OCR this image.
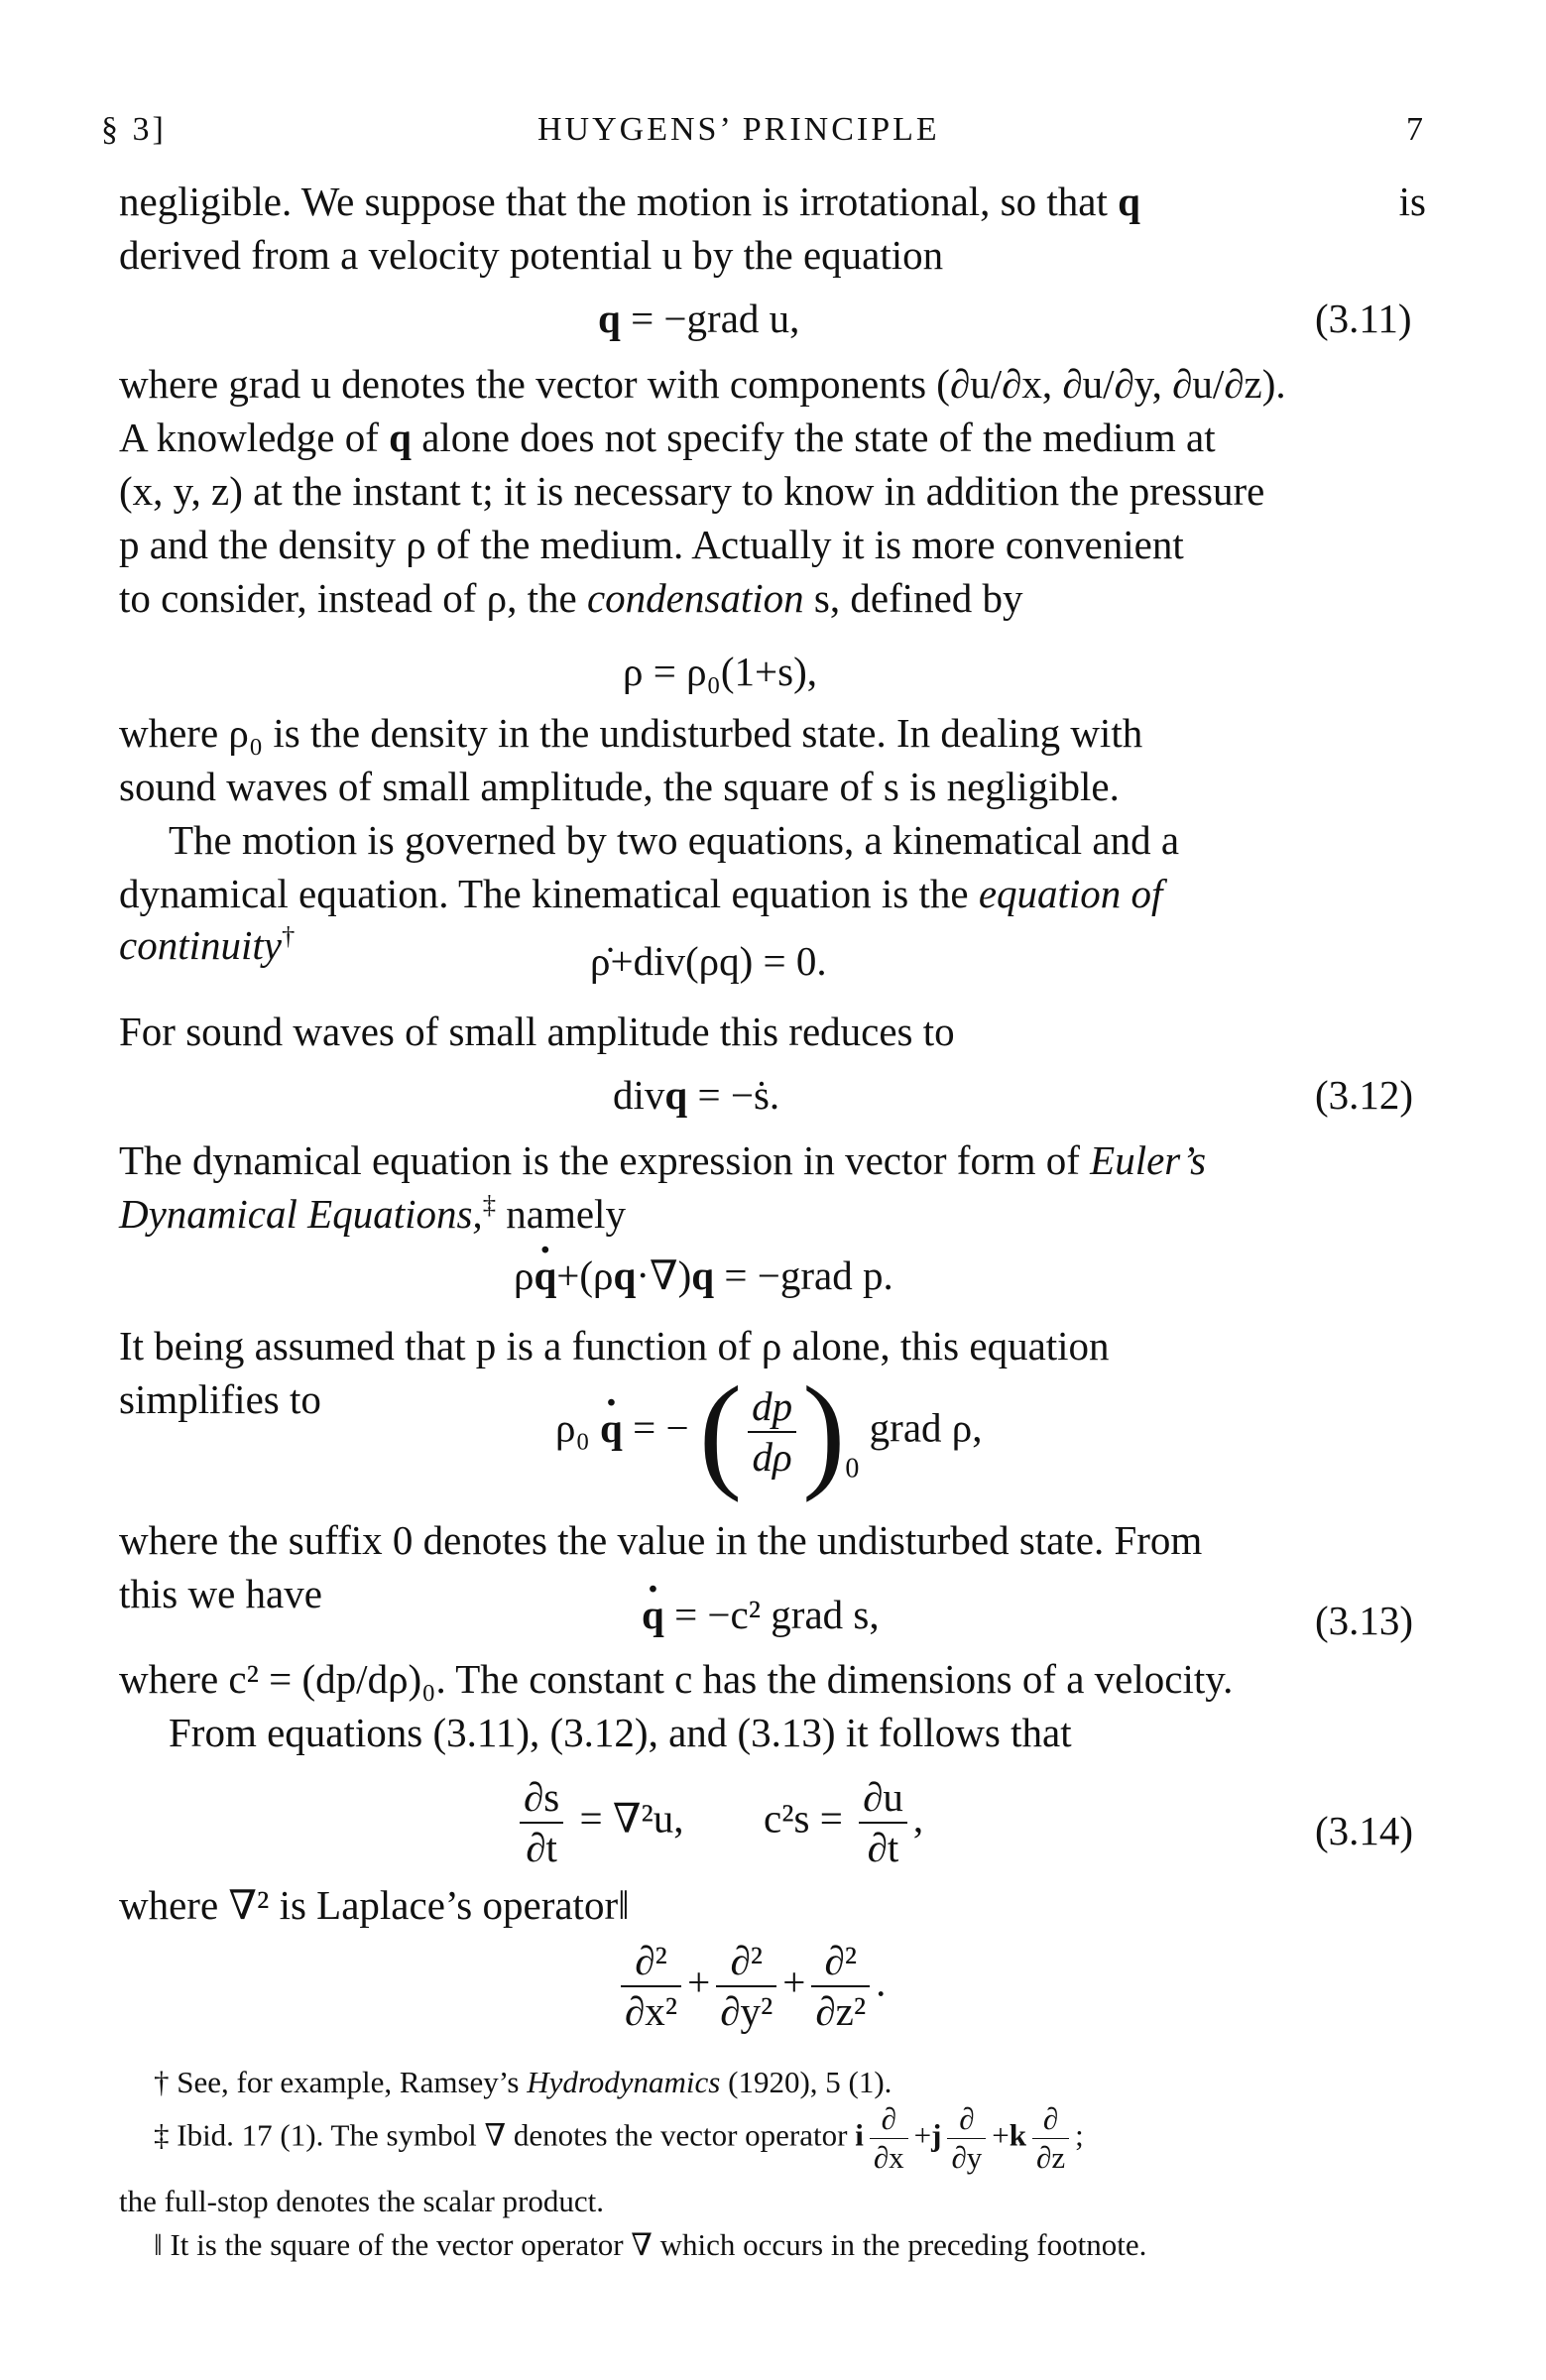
§ 3]	HUYGENS’ PRINCIPLE	7
negligible. We suppose that the motion is irrotational, so that q	is
derived from a velocity potential u by the equation
q = −grad u,	(3.11)
where grad u denotes the vector with components (∂u/∂x, ∂u/∂y, ∂u/∂z).
A knowledge of q alone does not specify the state of the medium at
(x, y, z) at the instant t; it is necessary to know in addition the pressure
p and the density ρ of the medium. Actually it is more convenient
to consider, instead of ρ, the condensation s, defined by
ρ = ρ₀(1+s),
where ρ₀ is the density in the undisturbed state. In dealing with
sound waves of small amplitude, the square of s is negligible.
The motion is governed by two equations, a kinematical and a
dynamical equation. The kinematical equation is the equation of
continuity†
ρ̇+div(ρq) = 0.
For sound waves of small amplitude this reduces to
divq = −ṡ.	(3.12)
The dynamical equation is the expression in vector form of Euler’s
Dynamical Equations,‡ namely
ρ· q+(ρq·∇)q = −grad p.
It being assumed that p is a function of ρ alone, this equation
simplifies to
ρ₀ · q = − ( $\frac{dp}{d\rho} )_0$ grad ρ,
where the suffix 0 denotes the value in the undisturbed state. From
this we have	· q = −c² grad s,	(3.13)
where c² = (dp/dρ)₀. The constant c has the dimensions of a velocity.
From equations (3.11), (3.12), and (3.13) it follows that
$\frac{\partial s}{\partial t} = \nabla^2u$, $c^2s = \frac{\partial u}{\partial t}$ ,	(3.14)
where ∇² is Laplace’s operator‖
$\frac{\text{∂²}}{\text{∂x²}} + \frac{\text{∂²}}{\text{∂y²}} + \frac{\text{∂²}}{\text{∂z²}}$ .
† See, for example, Ramsey’s Hydrodynamics (1920), 5 (1).
‡ Ibid. 17 (1). The symbol ∇ denotes the vector operator i $\frac{\partial}{\partial x} +j \frac{\partial}{\partial y} +k \frac{\partial}{\partial z}$ ;
the full-stop denotes the scalar product.
‖ It is the square of the vector operator ∇ which occurs in the preceding footnote.
